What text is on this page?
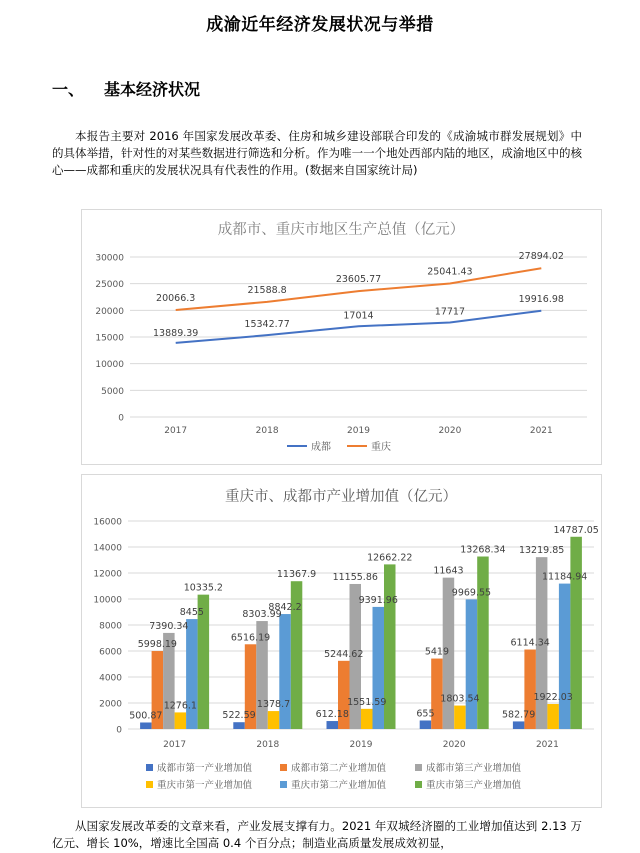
成渝近年经济发展状况与举措
一、 基本经济状况
本报告主要对 2016 年国家发展改革委、住房和城乡建设部联合印发的《成渝城市群发展规划》中的具体举措，针对性的对某些数据进行筛选和分析。作为唯一一个地处西部内陆的地区，成渝地区中的核心——成都和重庆的发展状况具有代表性的作用。(数据来自国家统计局)
成都市、重庆市地区生产总值（亿元）
0
5000
10000
15000
20000
25000
30000
2017	2018	2019	2020	2021
13889.39
15342.77
17014	17717
19916.98
20066.3
21588.8
23605.77
25041.43
27894.02
成都	重庆
重庆市、成都市产业增加值（亿元）
0
2000
4000
6000
8000
10000
12000
14000
16000
2017	2018	2019	2020	2021
500.87	522.59	612.18	655	582.79
5998.19
6516.19
5244.62	5419
6114.34
7390.34
8303.99
11155.86
11643
13219.85
1276.1	1378.7	1551.59	1803.54	1922.03
8455	8842.2
9391.96
9969.55
11184.94
10335.2
11367.9
12662.22
13268.34
14787.05
成都市第一产业增加值	成都市第二产业增加值	成都市第三产业增加值
重庆市第一产业增加值	重庆市第二产业增加值	重庆市第三产业增加值
从国家发展改革委的文章来看，产业发展支撑有力。2021 年双城经济圈的工业增加值达到 2.13 万亿元、增长 10%，增速比全国高 0.4 个百分点；制造业高质量发展成效初显，
